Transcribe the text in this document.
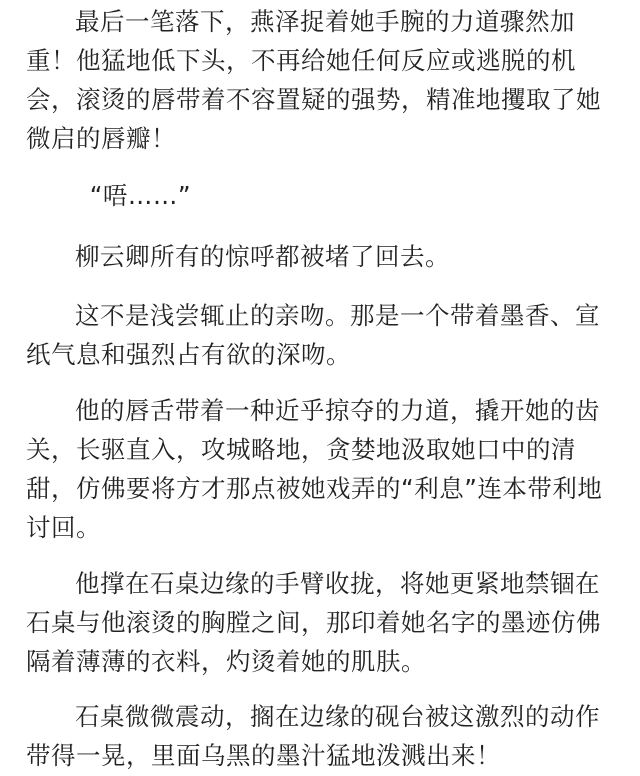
最后一笔落下，燕泽捉着她手腕的力道骤然加重！他猛地低下头，不再给她任何反应或逃脱的机会，滚烫的唇带着不容置疑的强势，精准地攫取了她微启的唇瓣！

“唔……”

柳云卿所有的惊呼都被堵了回去。

这不是浅尝辄止的亲吻。那是一个带着墨香、宣纸气息和强烈占有欲的深吻。

他的唇舌带着一种近乎掠夺的力道，撬开她的齿关，长驱直入，攻城略地，贪婪地汲取她口中的清甜，仿佛要将方才那点被她戏弄的“利息”连本带利地讨回。

他撑在石桌边缘的手臂收拢，将她更紧地禁锢在石桌与他滚烫的胸膛之间，那印着她名字的墨迹仿佛隔着薄薄的衣料，灼烫着她的肌肤。

石桌微微震动，搁在边缘的砚台被这激烈的动作带得一晃，里面乌黑的墨汁猛地泼溅出来！
